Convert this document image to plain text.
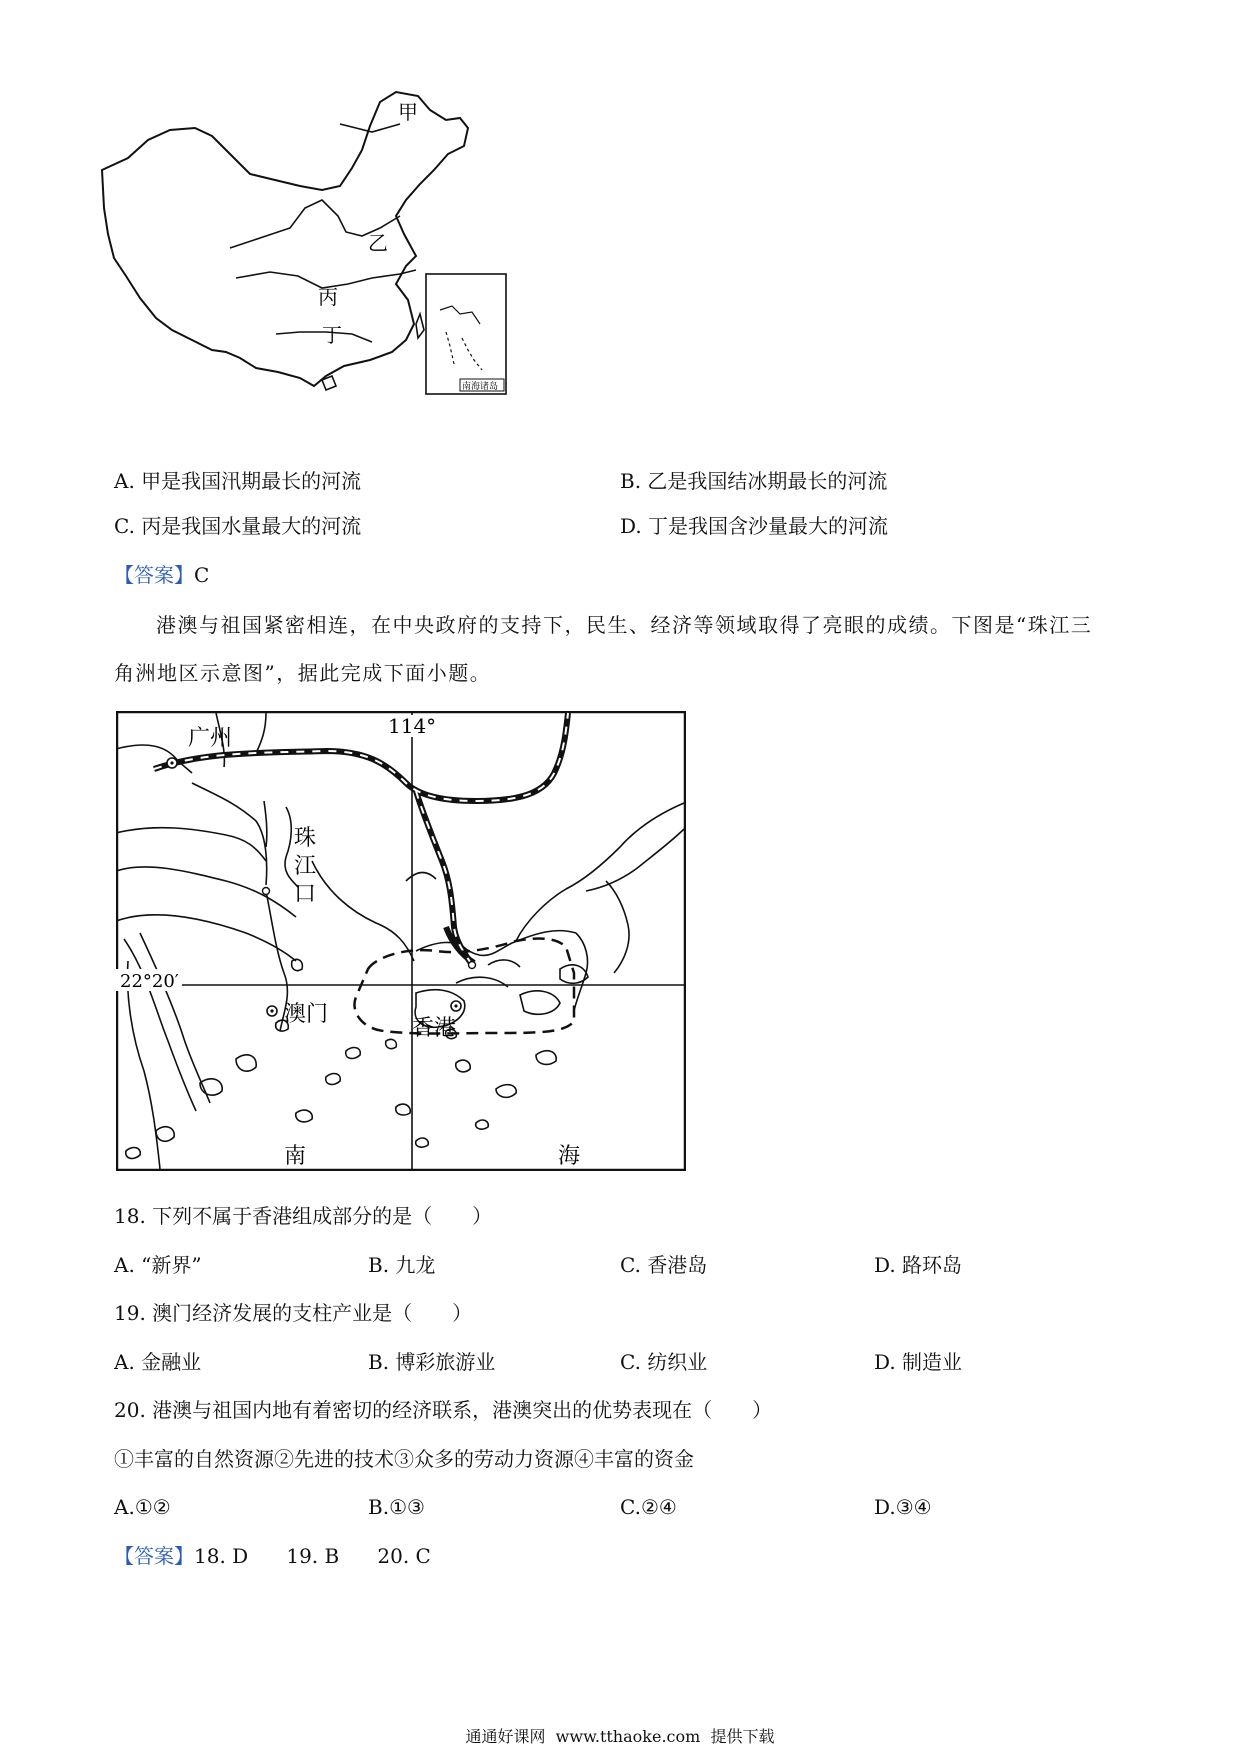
甲
乙
丙
丁
南海诸岛
A. 甲是我国汛期最长的河流	B. 乙是我国结冰期最长的河流
C. 丙是我国水量最大的河流	D. 丁是我国含沙量最大的河流
【答案】C
港澳与祖国紧密相连，在中央政府的支持下，民生、经济等领域取得了亮眼的成绩。下图是“珠江三
角洲地区示意图”，据此完成下面小题。
广州	114°
22°20′
珠
江
口
澳门
香港
南	海
18. 下列不属于香港组成部分的是（　　）
A. “新界”	B. 九龙	C. 香港岛	D. 路环岛
19. 澳门经济发展的支柱产业是（　　）
A. 金融业	B. 博彩旅游业	C. 纺织业	D. 制造业
20. 港澳与祖国内地有着密切的经济联系，港澳突出的优势表现在（　　）
①丰富的自然资源②先进的技术③众多的劳动力资源④丰富的资金
A.①②	B.①③	C.②④	D.③④
【答案】18. D 19. B 20. C
通通好课网  www.tthaoke.com  提供下载
